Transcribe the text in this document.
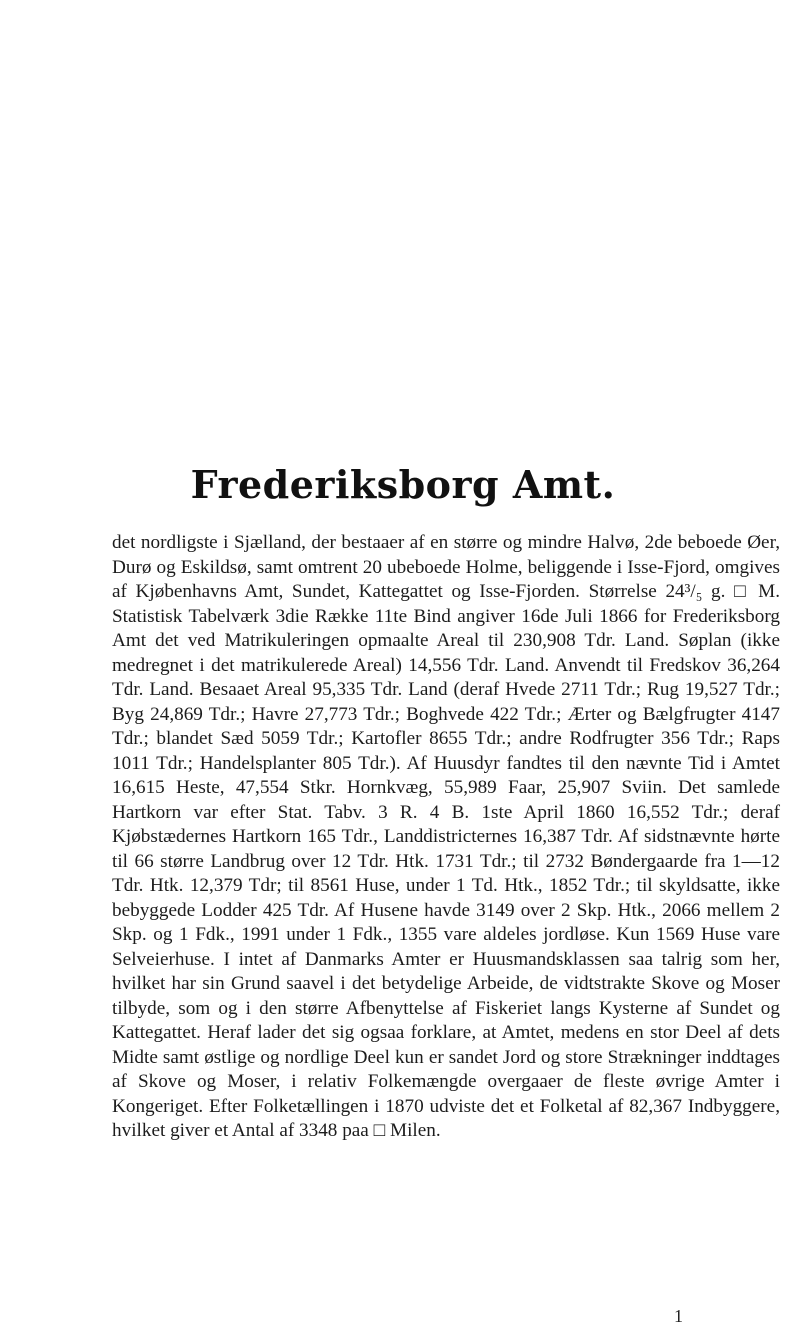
Frederiksborg Amt.

det nordligste i Sjælland, der bestaaer af en større og mindre Halvø, 2de beboede Øer, Durø og Eskildsø, samt omtrent 20 ubeboede Holme, beliggende i Isse-Fjord, omgives af Kjøbenhavns Amt, Sundet, Kattegattet og Isse-Fjorden. Størrelse 24³/₅ g. □ M. Statistisk Tabelværk 3die Række 11te Bind angiver 16de Juli 1866 for Frederiksborg Amt det ved Matrikuleringen opmaalte Areal til 230,908 Tdr. Land. Søplan (ikke medregnet i det matrikulerede Areal) 14,556 Tdr. Land. Anvendt til Fredskov 36,264 Tdr. Land. Besaaet Areal 95,335 Tdr. Land (deraf Hvede 2711 Tdr.; Rug 19,527 Tdr.; Byg 24,869 Tdr.; Havre 27,773 Tdr.; Boghvede 422 Tdr.; Ærter og Bælgfrugter 4147 Tdr.; blandet Sæd 5059 Tdr.; Kartofler 8655 Tdr.; andre Rodfrugter 356 Tdr.; Raps 1011 Tdr.; Handelsplanter 805 Tdr.). Af Huusdyr fandtes til den nævnte Tid i Amtet 16,615 Heste, 47,554 Stkr. Hornkvæg, 55,989 Faar, 25,907 Sviin. Det samlede Hartkorn var efter Stat. Tabv. 3 R. 4 B. 1ste April 1860 16,552 Tdr.; deraf Kjøbstædernes Hartkorn 165 Tdr., Landdistricternes 16,387 Tdr. Af sidstnævnte hørte til 66 større Landbrug over 12 Tdr. Htk. 1731 Tdr.; til 2732 Bøndergaarde fra 1—12 Tdr. Htk. 12,379 Tdr; til 8561 Huse, under 1 Td. Htk., 1852 Tdr.; til skyldsatte, ikke bebyggede Lodder 425 Tdr. Af Husene havde 3149 over 2 Skp. Htk., 2066 mellem 2 Skp. og 1 Fdk., 1991 under 1 Fdk., 1355 vare aldeles jordløse. Kun 1569 Huse vare Selveierhuse. I intet af Danmarks Amter er Huusmandsklassen saa talrig som her, hvilket har sin Grund saavel i det betydelige Arbeide, de vidtstrakte Skove og Moser tilbyde, som og i den større Afbenyttelse af Fiskeriet langs Kysterne af Sundet og Kattegattet. Heraf lader det sig ogsaa forklare, at Amtet, medens en stor Deel af dets Midte samt østlige og nordlige Deel kun er sandet Jord og store Strækninger inddtages af Skove og Moser, i relativ Folkemængde overgaaer de fleste øvrige Amter i Kongeriget. Efter Folketællingen i 1870 udviste det et Folketal af 82,367 Indbyggere, hvilket giver et Antal af 3348 paa □ Milen.

1
